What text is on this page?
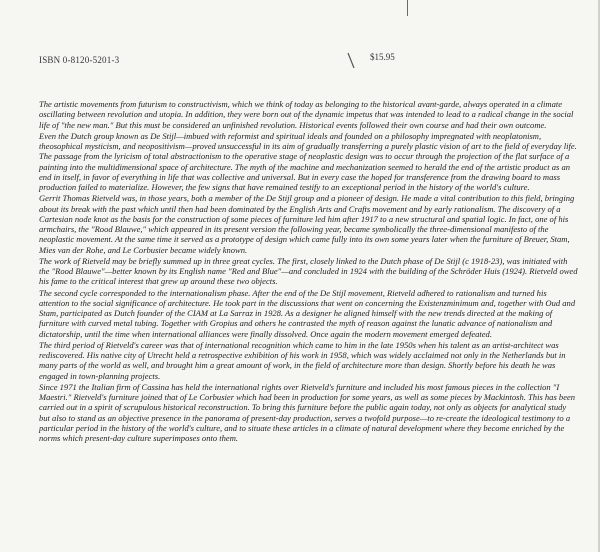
ISBN 0-8120-5201-3	$15.95

The artistic movements from futurism to constructivism, which we think of today as belonging to the historical avant-garde, always operated in a climate oscillating between revolution and utopia. In addition, they were born out of the dynamic impetus that was intended to lead to a radical change in the social life of "the new man." But this must be considered an unfinished revolution. Historical events followed their own course and had their own outcome.

Even the Dutch group known as De Stijl—imbued with reformist and spiritual ideals and founded on a philosophy impregnated with neoplatonism, theosophical mysticism, and neopositivism—proved unsuccessful in its aim of gradually transferring a purely plastic vision of art to the field of everyday life. The passage from the lyricism of total abstractionism to the operative stage of neoplastic design was to occur through the projection of the flat surface of a painting into the multidimensional space of architecture. The myth of the machine and mechanization seemed to herald the end of the artistic product as an end in itself, in favor of everything in life that was collective and universal. But in every case the hoped for transference from the drawing board to mass production failed to materialize. However, the few signs that have remained testify to an exceptional period in the history of the world's culture.

Gerrit Thomas Rietveld was, in those years, both a member of the De Stijl group and a pioneer of design. He made a vital contribution to this field, bringing about its break with the past which until then had been dominated by the English Arts and Crafts movement and by early rationalism. The discovery of a Cartesian node knot as the basis for the construction of some pieces of furniture led him after 1917 to a new structural and spatial logic. In fact, one of his armchairs, the "Rood Blauwe," which appeared in its present version the following year, became symbolically the three-dimensional manifesto of the neoplastic movement. At the same time it served as a prototype of design which came fully into its own some years later when the furniture of Breuer, Stam, Mies van der Rohe, and Le Corbusier became widely known.

The work of Rietveld may be briefly summed up in three great cycles. The first, closely linked to the Dutch phase of De Stijl (c 1918-23), was initiated with the "Rood Blauwe"—better known by its English name "Red and Blue"—and concluded in 1924 with the building of the Schröder Huis (1924). Rietveld owed his fame to the critical interest that grew up around these two objects.

The second cycle corresponded to the internationalism phase. After the end of the De Stijl movement, Rietveld adhered to rationalism and turned his attention to the social significance of architecture. He took part in the discussions that went on concerning the Existenzminimum and, together with Oud and Stam, participated as Dutch founder of the CIAM at La Sarraz in 1928. As a designer he aligned himself with the new trends directed at the making of furniture with curved metal tubing. Together with Gropius and others he contrasted the myth of reason against the lunatic advance of nationalism and dictatorship, until the time when international alliances were finally dissolved. Once again the modern movement emerged defeated.

The third period of Rietveld's career was that of international recognition which came to him in the late 1950s when his talent as an artist-architect was rediscovered. His native city of Utrecht held a retrospective exhibition of his work in 1958, which was widely acclaimed not only in the Netherlands but in many parts of the world as well, and brought him a great amount of work, in the field of architecture more than design. Shortly before his death he was engaged in town-planning projects.

Since 1971 the Italian firm of Cassina has held the international rights over Rietveld's furniture and included his most famous pieces in the collection "I Maestri." Rietveld's furniture joined that of Le Corbusier which had been in production for some years, as well as some pieces by Mackintosh. This has been carried out in a spirit of scrupulous historical reconstruction. To bring this furniture before the public again today, not only as objects for analytical study but also to stand as an objective presence in the panorama of present-day production, serves a twofold purpose—to re-create the ideological testimony to a particular period in the history of the world's culture, and to situate these articles in a climate of natural development where they become enriched by the norms which present-day culture superimposes onto them.
